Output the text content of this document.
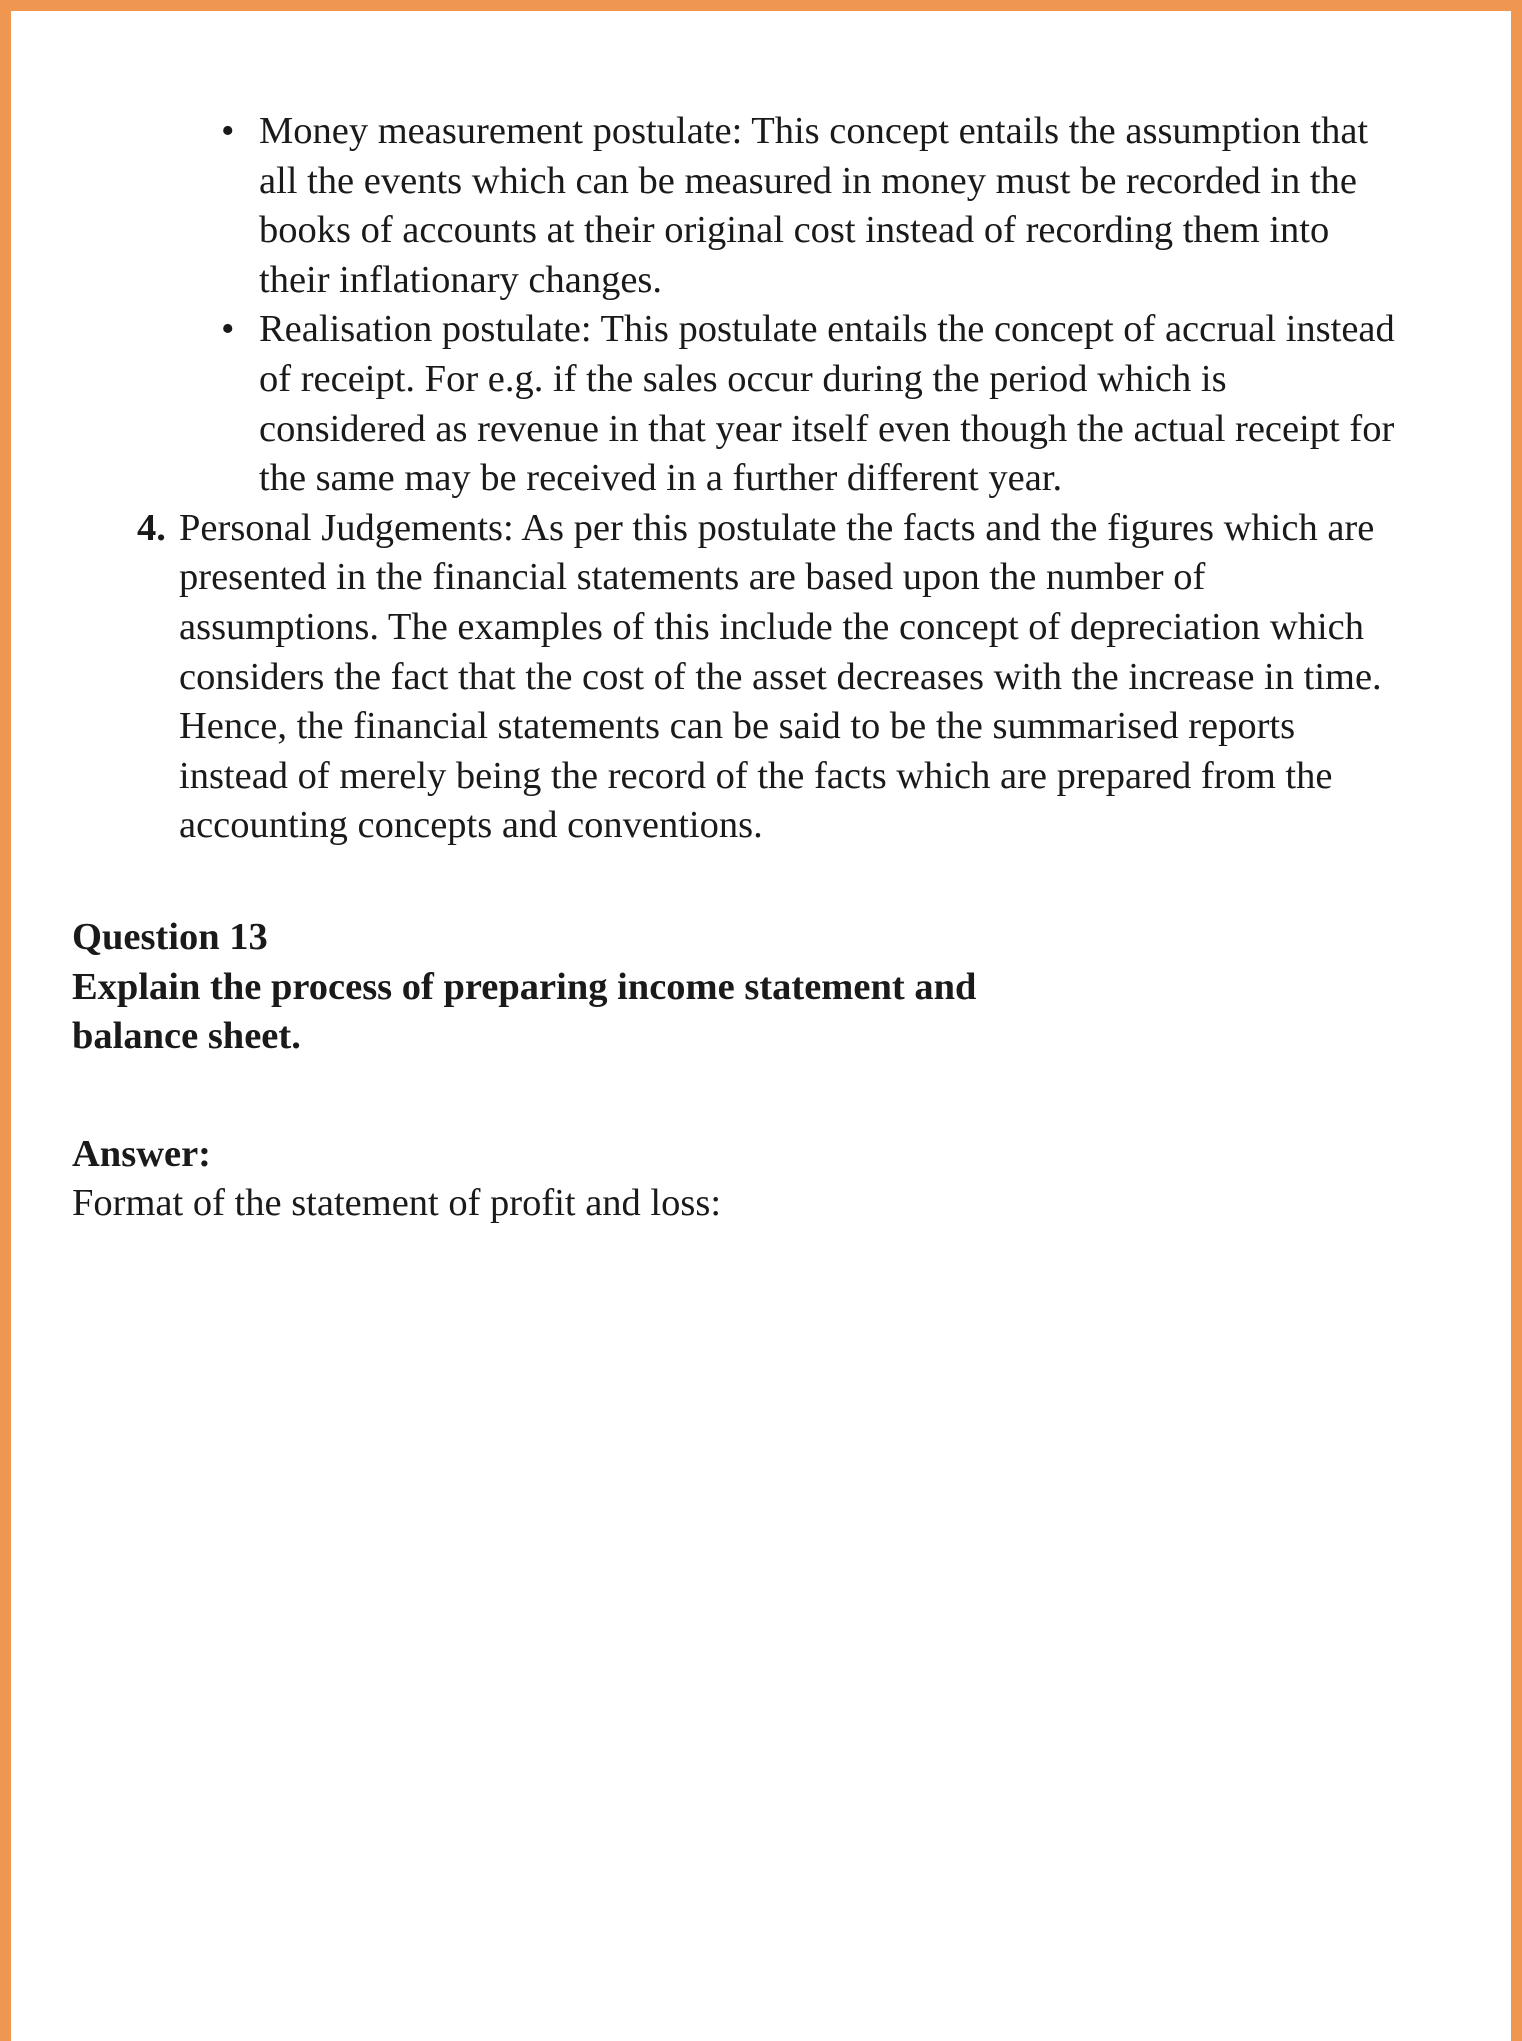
• Money measurement postulate: This concept entails the assumption that all the events which can be measured in money must be recorded in the books of accounts at their original cost instead of recording them into their inflationary changes.
• Realisation postulate: This postulate entails the concept of accrual instead of receipt. For e.g. if the sales occur during the period which is considered as revenue in that year itself even though the actual receipt for the same may be received in a further different year.
4. Personal Judgements: As per this postulate the facts and the figures which are presented in the financial statements are based upon the number of assumptions. The examples of this include the concept of depreciation which considers the fact that the cost of the asset decreases with the increase in time. Hence, the financial statements can be said to be the summarised reports instead of merely being the record of the facts which are prepared from the accounting concepts and conventions.
Question 13
Explain the process of preparing income statement and balance sheet.
Answer:
Format of the statement of profit and loss:
